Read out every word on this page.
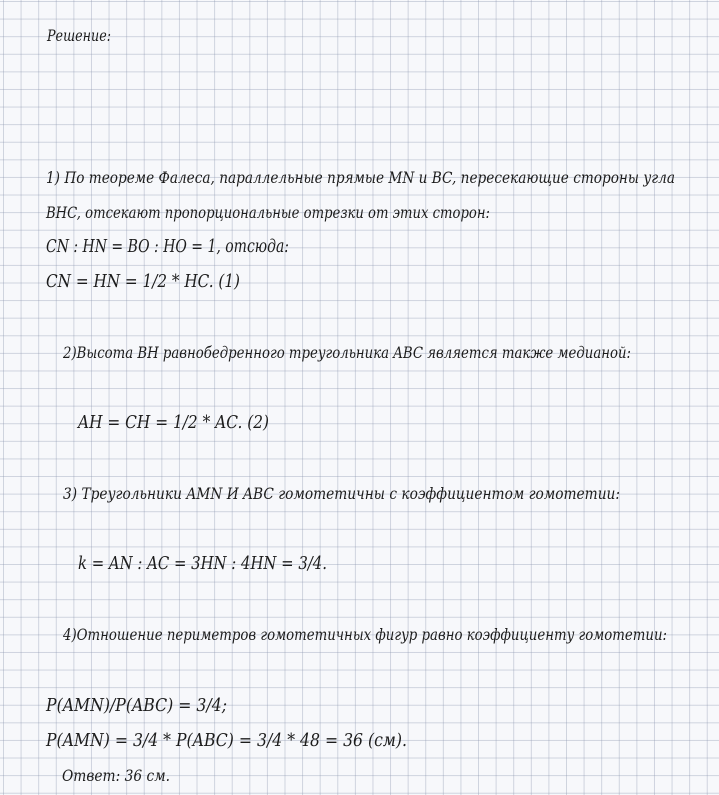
Решение:

1) По теореме Фалеса, параллельные прямые MN и BC, пересекающие стороны угла

BHC, отсекают пропорциональные отрезки от этих сторон:

CN : HN = BO : HO = 1, отсюда:

CN = HN = 1/2 * HC. (1)

2)Высота BH равнобедренного треугольника ABC является также медианой:

AH = CH = 1/2 * AC. (2)

3) Треугольники AMN И ABC гомотетичны с коэффициентом гомотетии:

k = AN : AC = 3HN : 4HN = 3/4.

4)Отношение периметров гомотетичных фигур равно коэффициенту гомотетии:

P(AMN)/P(ABC) = 3/4;

P(AMN) = 3/4 * P(ABC) = 3/4 * 48 = 36 (см).

Ответ: 36 см.
